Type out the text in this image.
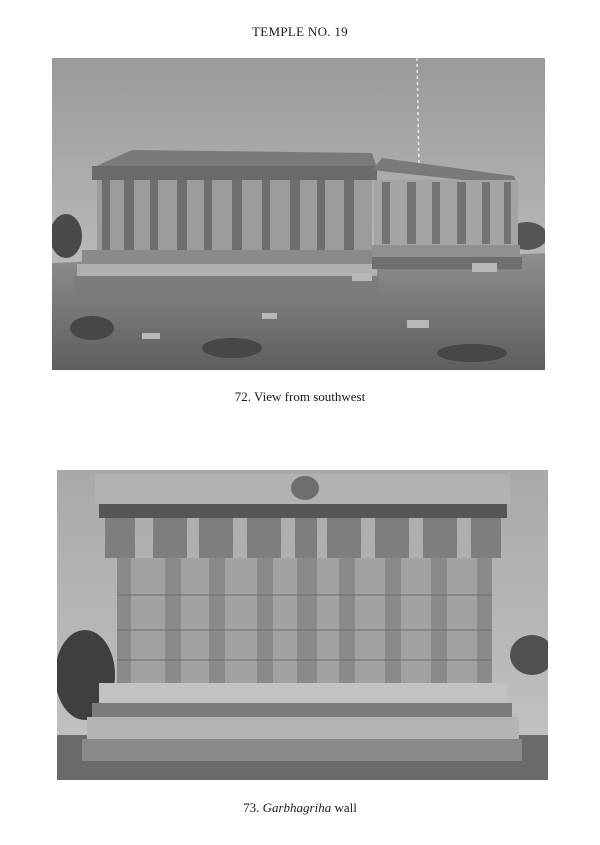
TEMPLE NO. 19
72. View from southwest
73. Garbhagriha wall
